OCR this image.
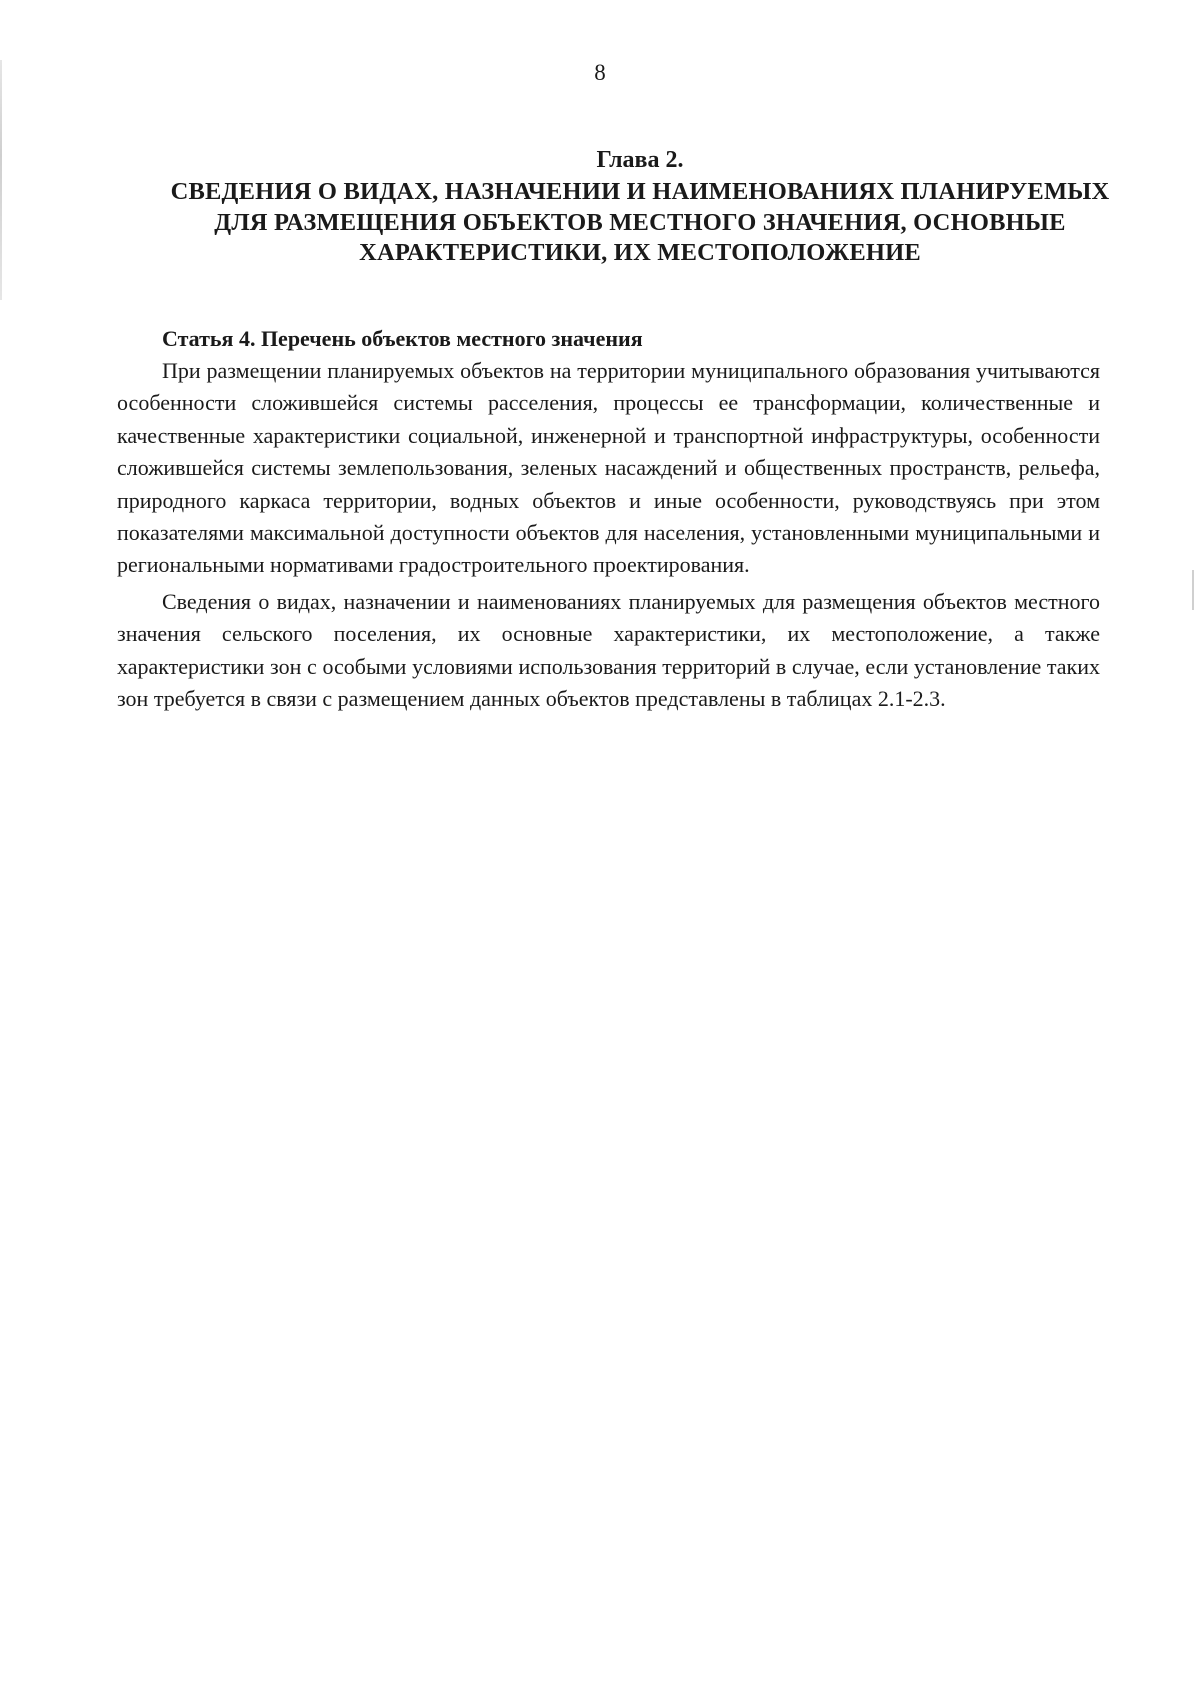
8
Глава 2.
СВЕДЕНИЯ О ВИДАХ, НАЗНАЧЕНИИ И НАИМЕНОВАНИЯХ ПЛАНИРУЕМЫХ ДЛЯ РАЗМЕЩЕНИЯ ОБЪЕКТОВ МЕСТНОГО ЗНАЧЕНИЯ, ОСНОВНЫЕ ХАРАКТЕРИСТИКИ, ИХ МЕСТОПОЛОЖЕНИЕ

Статья 4. Перечень объектов местного значения

При размещении планируемых объектов на территории муниципального образования учитываются особенности сложившейся системы расселения, процессы ее трансформации, количественные и качественные характеристики социальной, инженерной и транспортной инфраструктуры, особенности сложившейся системы землепользования, зеленых насаждений и общественных пространств, рельефа, природного каркаса территории, водных объектов и иные особенности, руководствуясь при этом показателями максимальной доступности объектов для населения, установленными муниципальными и региональными нормативами градостроительного проектирования.

Сведения о видах, назначении и наименованиях планируемых для размещения объектов местного значения сельского поселения, их основные характеристики, их местоположение, а также характеристики зон с особыми условиями использования территорий в случае, если установление таких зон требуется в связи с размещением данных объектов представлены в таблицах 2.1-2.3.
